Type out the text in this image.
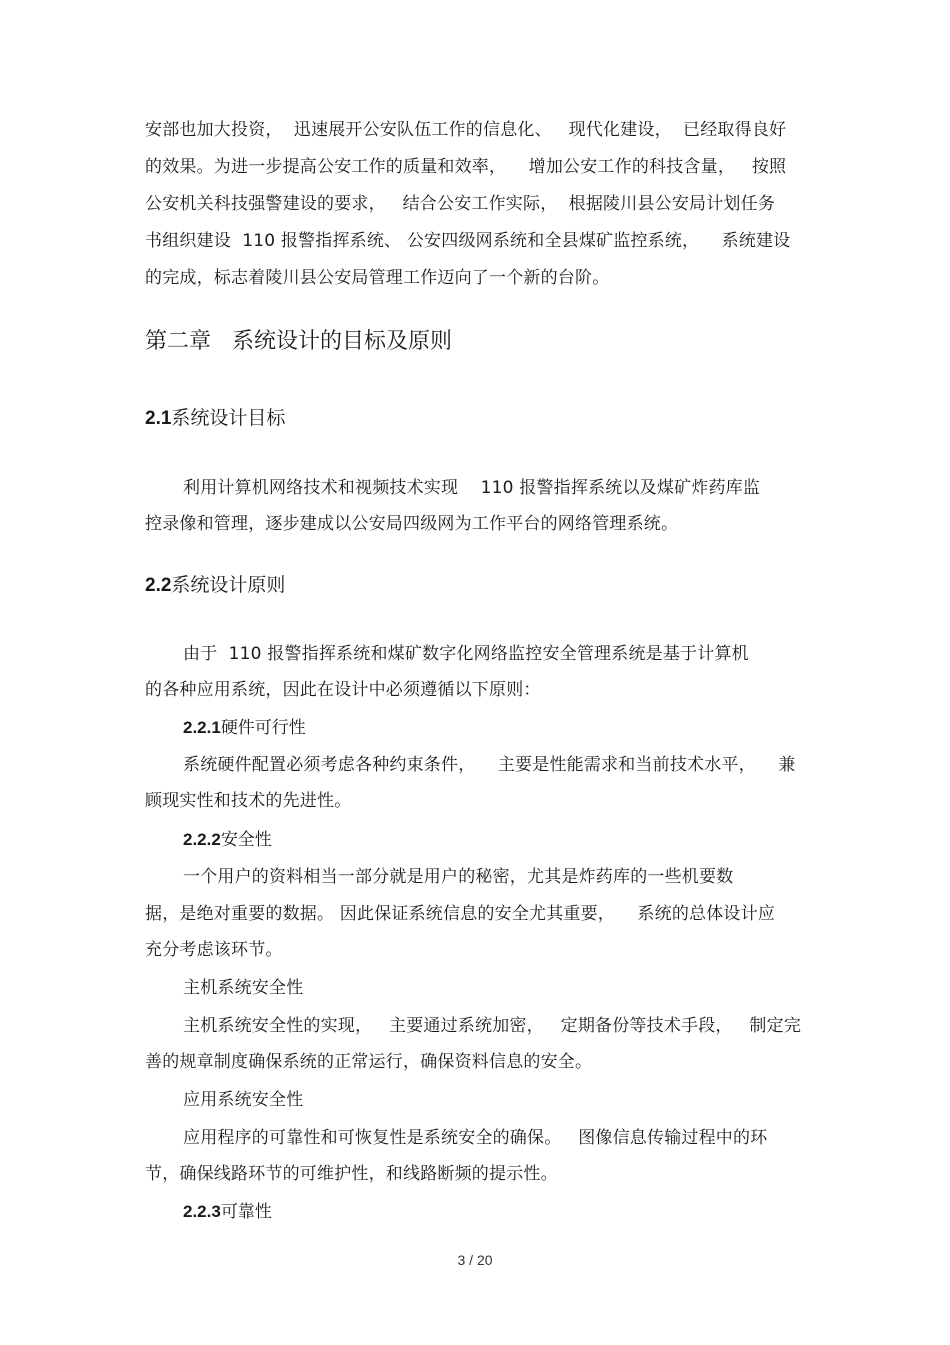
安部也加大投资，  迅速展开公安队伍工作的信息化、   现代化建设，  已经取得良好
的效果。为进一步提高公安工作的质量和效率，    增加公安工作的科技含量，   按照
公安机关科技强警建设的要求，   结合公安工作实际，  根据陵川县公安局计划任务
书组织建设  110 报警指挥系统、 公安四级网系统和全县煤矿监控系统，    系统建设
的完成，标志着陵川县公安局管理工作迈向了一个新的台阶。
第二章   系统设计的目标及原则
2.1系统设计目标
利用计算机网络技术和视频技术实现    110 报警指挥系统以及煤矿炸药库监
控录像和管理，逐步建成以公安局四级网为工作平台的网络管理系统。
2.2系统设计原则
由于  110 报警指挥系统和煤矿数字化网络监控安全管理系统是基于计算机
的各种应用系统，因此在设计中必须遵循以下原则：
2.2.1硬件可行性
系统硬件配置必须考虑各种约束条件，    主要是性能需求和当前技术水平，    兼
顾现实性和技术的先进性。
2.2.2安全性
一个用户的资料相当一部分就是用户的秘密，尤其是炸药库的一些机要数
据，是绝对重要的数据。 因此保证系统信息的安全尤其重要，    系统的总体设计应
充分考虑该环节。
主机系统安全性
主机系统安全性的实现，   主要通过系统加密，   定期备份等技术手段，   制定完
善的规章制度确保系统的正常运行，确保资料信息的安全。
应用系统安全性
应用程序的可靠性和可恢复性是系统安全的确保。   图像信息传输过程中的环
节，确保线路环节的可维护性，和线路断频的提示性。
2.2.3可靠性
3 / 20
